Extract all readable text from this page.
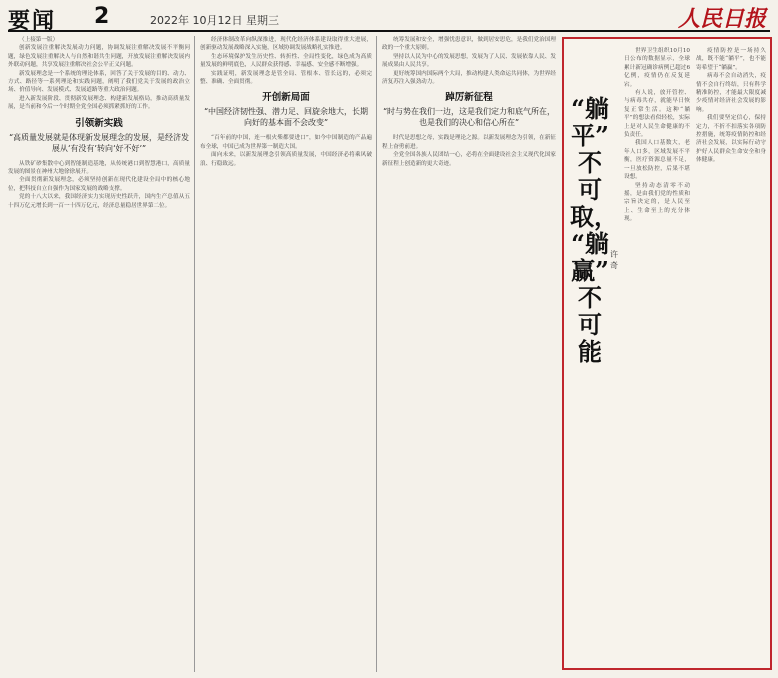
要闻 2	2022年 10月12日 星期三	人民日报

（上接第一版）

创新发展注重解决发展动力问题，协调发展注重解决发展不平衡问题，绿色发展注重解决人与自然和谐共生问题，开放发展注重解决发展内外联动问题，共享发展注重解决社会公平正义问题。

新发展理念是一个系统的理论体系，回答了关于发展的目的、动力、方式、路径等一系列理论和实践问题，阐明了我们党关于发展的政治立场、价值导向、发展模式、发展道路等重大政治问题。

进入新发展阶段、贯彻新发展理念、构建新发展格局，推动高质量发展，是当前和今后一个时期全党全国必须抓紧抓好的工作。

引领新实践
“高质量发展就是体现新发展理念的发展，是经济发展从‘有没有’转向‘好不好’”

从铁矿砂集散中心到智能制造基地，从传统港口到智慧港口，高质量发展的图景在神州大地徐徐展开。

全面贯彻新发展理念，必须坚持创新在现代化建设全局中的核心地位，把科技自立自强作为国家发展的战略支撑。

党的十八大以来，我国经济实力实现历史性跃升，国内生产总值从五十四万亿元增长到一百一十四万亿元，经济总量稳居世界第二位。

经济体制改革向纵深推进，现代化经济体系建设取得重大进展，创新驱动发展战略深入实施，区域协调发展战略扎实推进。

生态环境保护发生历史性、转折性、全局性变化，绿色成为高质量发展的鲜明底色，人民群众获得感、幸福感、安全感不断增强。

实践证明，新发展理念是管全局、管根本、管长远的，必须完整、准确、全面贯彻。

开创新局面
“中国经济韧性强、潜力足、回旋余地大，长期向好的基本面不会改变”

“百年前的中国，连一根火柴都要进口”，如今中国制造的产品遍布全球，中国已成为世界第一制造大国。

面向未来，以新发展理念引领高质量发展，中国经济必将乘风破浪、行稳致远。

统筹发展和安全，增强忧患意识，做到居安思危，是我们党治国理政的一个重大原则。

坚持以人民为中心的发展思想，发展为了人民、发展依靠人民、发展成果由人民共享。

更好统筹国内国际两个大局，推动构建人类命运共同体，为世界经济复苏注入强劲动力。

踔厉新征程
“时与势在我们一边，这是我们定力和底气所在，也是我们的决心和信心所在”

时代是思想之母，实践是理论之源。以新发展理念为引领，在新征程上奋勇前进。

全党全国各族人民团结一心，必将在全面建设社会主义现代化国家新征程上创造新的更大奇迹。

“躺平”
不可取，
“躺赢”
不可能
许奇

世界卫生组织10月10日公布的数据显示，全球累计新冠确诊病例已超过6亿例，疫情仍在反复延宕。

有人说，放开管控、与病毒共存，就能早日恢复正常生活。这种“躺平”的想法看似轻松，实际上是对人民生命健康的不负责任。

我国人口基数大，老年人口多，区域发展不平衡，医疗资源总量不足，一旦放松防控，后果不堪设想。

坚持动态清零不动摇，是由我们党的性质和宗旨决定的，是人民至上、生命至上的充分体现。

疫情防控是一场持久战，既不能“躺平”，也不能寄希望于“躺赢”。

病毒不会自动消失，疫情不会自行终结，只有科学精准防控，才能最大限度减少疫情对经济社会发展的影响。

我们要坚定信心，保持定力，不折不扣落实各项防控措施，统筹疫情防控和经济社会发展，以实际行动守护好人民群众生命安全和身体健康。
